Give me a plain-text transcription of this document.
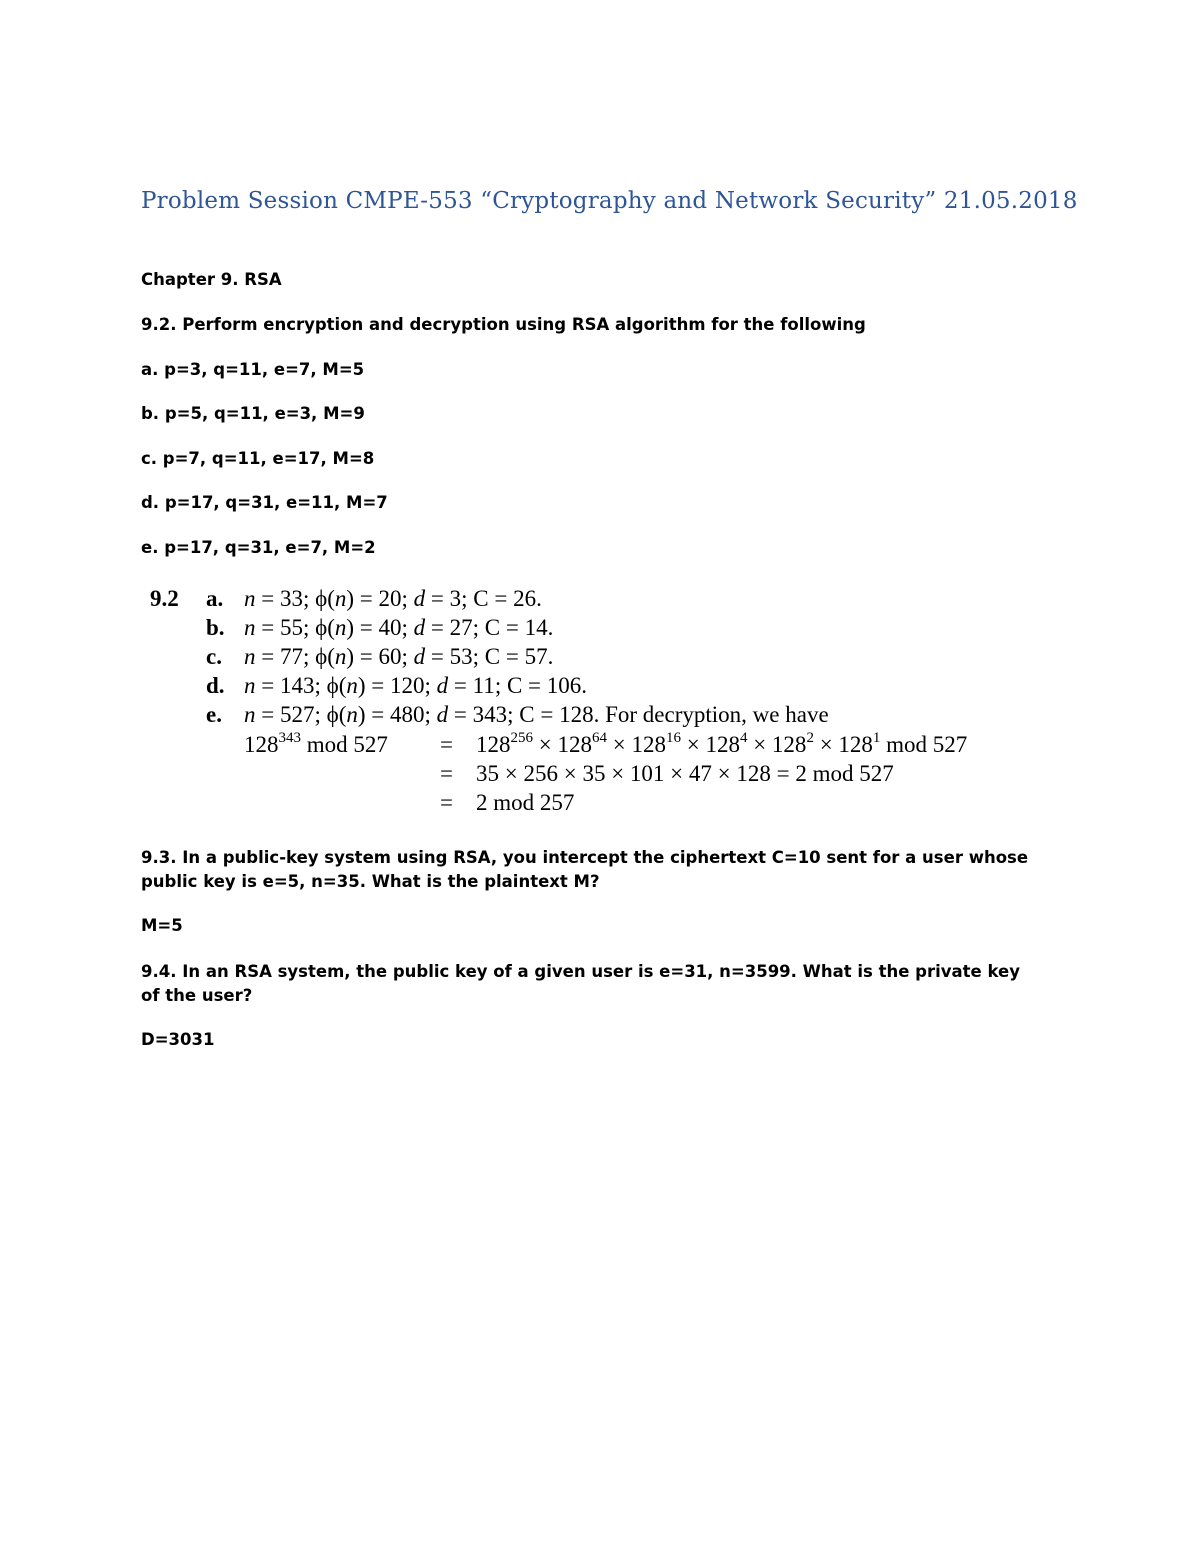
Problem Session CMPE-553 “Cryptography and Network Security” 21.05.2018
Chapter 9. RSA
9.2. Perform encryption and decryption using RSA algorithm for the following
a. p=3, q=11, e=7, M=5
b. p=5, q=11, e=3, M=9
c. p=7, q=11, e=17, M=8
d. p=17, q=31, e=11, M=7
e. p=17, q=31, e=7, M=2
9.2 a. n = 33; ϕ(n) = 20; d = 3; C = 26.
b. n = 55; ϕ(n) = 40; d = 27; C = 14.
c. n = 77; ϕ(n) = 60; d = 53; C = 57.
d. n = 143; ϕ(n) = 120; d = 11; C = 106.
e. n = 527; ϕ(n) = 480; d = 343; C = 128. For decryption, we have
$128^{343}$ mod $527 = 128^{256} \times 128^{64} \times 128^{16} \times 128^4 \times 128^2 \times 128^1$ mod 527
= 35 × 256 × 35 × 101 × 47 × 128 = 2 mod 527
= 2 mod 257
9.3. In a public-key system using RSA, you intercept the ciphertext C=10 sent for a user whose public key is e=5, n=35. What is the plaintext M?
M=5
9.4. In an RSA system, the public key of a given user is e=31, n=3599. What is the private key of the user?
D=3031
